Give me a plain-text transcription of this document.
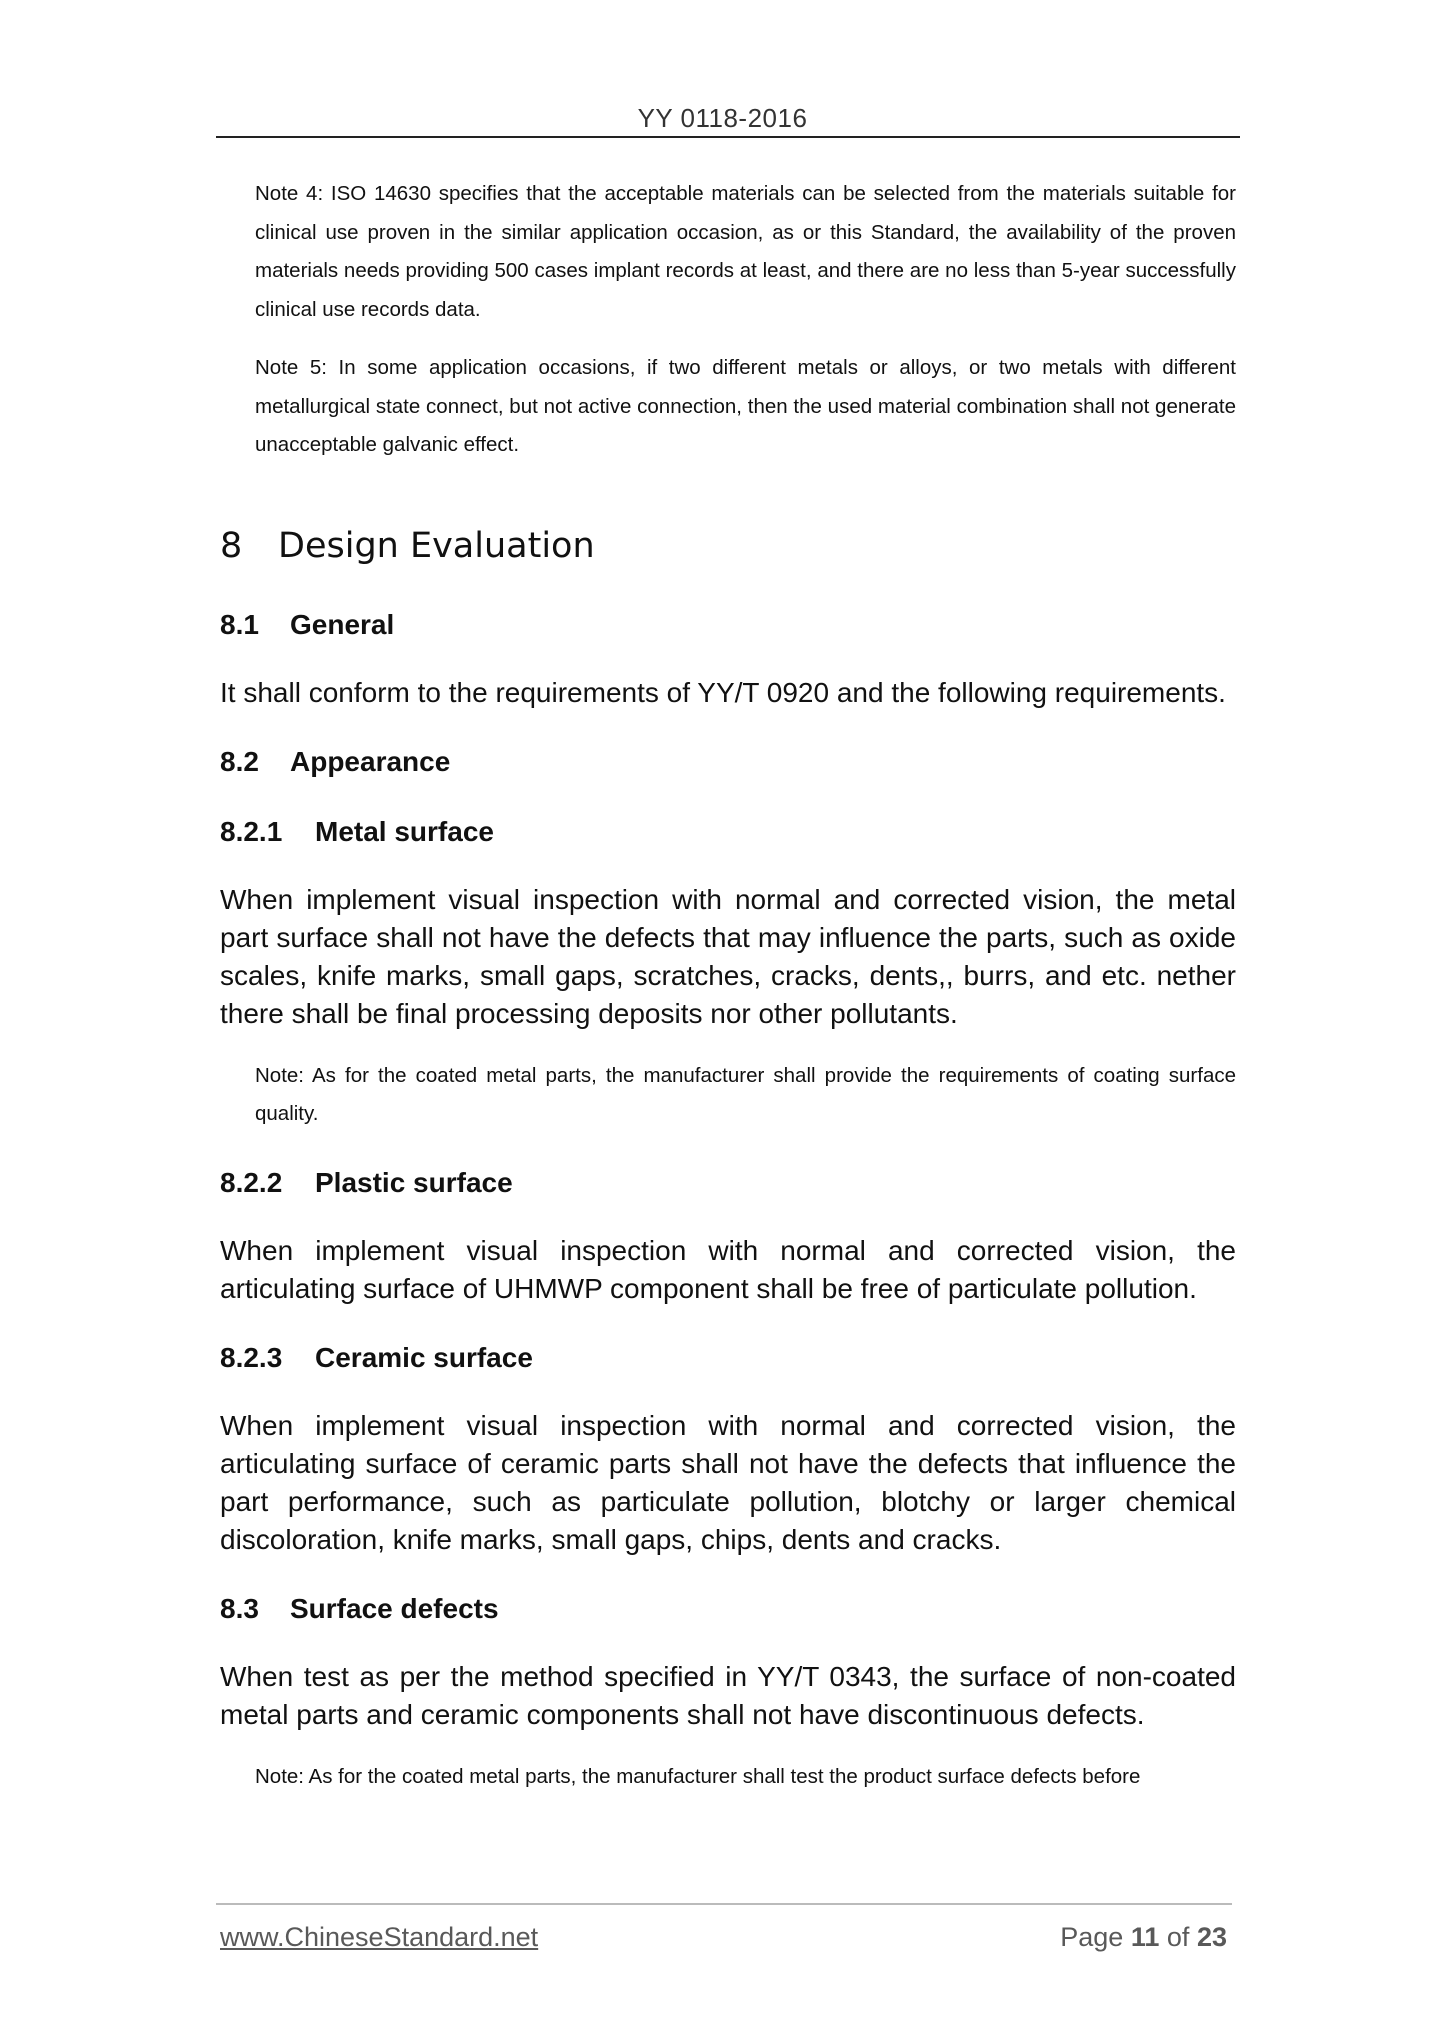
YY 0118-2016

Note 4: ISO 14630 specifies that the acceptable materials can be selected from the materials suitable for clinical use proven in the similar application occasion, as or this Standard, the availability of the proven materials needs providing 500 cases implant records at least, and there are no less than 5-year successfully clinical use records data.

Note 5: In some application occasions, if two different metals or alloys, or two metals with different metallurgical state connect, but not active connection, then the used material combination shall not generate unacceptable galvanic effect.

8 Design Evaluation
8.1 General

It shall conform to the requirements of YY/T 0920 and the following requirements.

8.2 Appearance
8.2.1 Metal surface

When implement visual inspection with normal and corrected vision, the metal part surface shall not have the defects that may influence the parts, such as oxide scales, knife marks, small gaps, scratches, cracks, dents,, burrs, and etc. nether there shall be final processing deposits nor other pollutants.

Note: As for the coated metal parts, the manufacturer shall provide the requirements of coating surface quality.

8.2.2 Plastic surface

When implement visual inspection with normal and corrected vision, the articulating surface of UHMWP component shall be free of particulate pollution.

8.2.3 Ceramic surface

When implement visual inspection with normal and corrected vision, the articulating surface of ceramic parts shall not have the defects that influence the part performance, such as particulate pollution, blotchy or larger chemical discoloration, knife marks, small gaps, chips, dents and cracks.

8.3 Surface defects

When test as per the method specified in YY/T 0343, the surface of non-coated metal parts and ceramic components shall not have discontinuous defects.

Note: As for the coated metal parts, the manufacturer shall test the product surface defects before

www.ChineseStandard.net	Page 11 of 23
